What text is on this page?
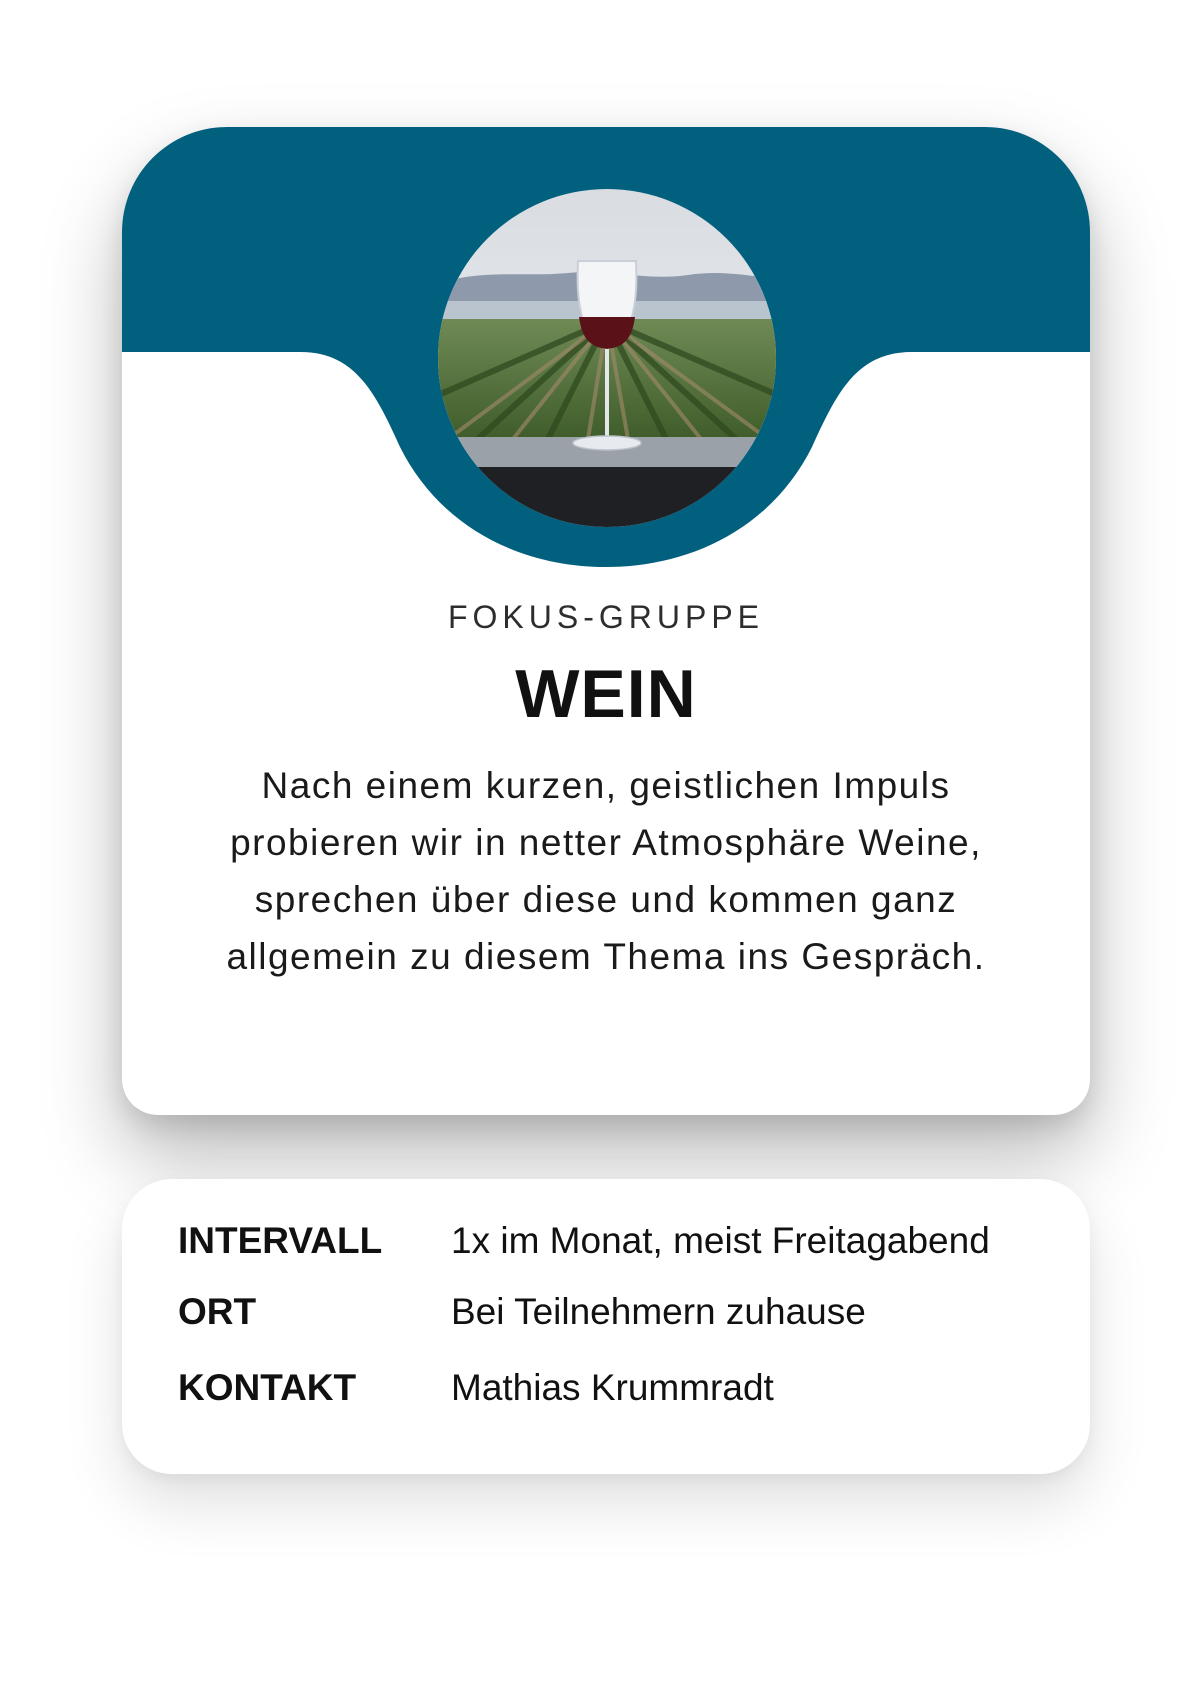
FOKUS-GRUPPE
WEIN

Nach einem kurzen, geistlichen Impuls probieren wir in netter Atmosphäre Weine, sprechen über diese und kommen ganz allgemein zu diesem Thema ins Gespräch.

INTERVALL	1x im Monat, meist Freitagabend
ORT	Bei Teilnehmern zuhause
KONTAKT	Mathias Krummradt
